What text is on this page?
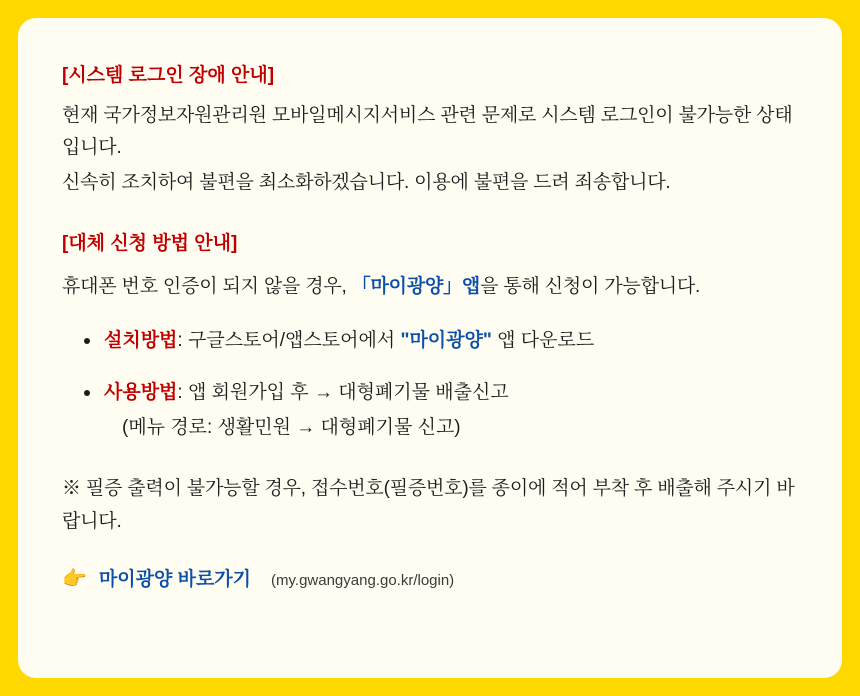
[시스템 로그인 장애 안내]

현재 국가정보자원관리원 모바일메시지서비스 관련 문제로 시스템 로그인이 불가능한 상태입니다.

신속히 조치하여 불편을 최소화하겠습니다. 이용에 불편을 드려 죄송합니다.

[대체 신청 방법 안내]

휴대폰 번호 인증이 되지 않을 경우, 「마이광양」앱을 통해 신청이 가능합니다.

설치방법: 구글스토어/앱스토어에서 "마이광양" 앱 다운로드
사용방법: 앱 회원가입 후 → 대형폐기물 배출신고
(메뉴 경로: 생활민원 → 대형폐기물 신고)

※ 필증 출력이 불가능할 경우, 접수번호(필증번호)를 종이에 적어 부착 후 배출해 주시기 바랍니다.

👉 마이광양 바로가기 (my.gwangyang.go.kr/login)
